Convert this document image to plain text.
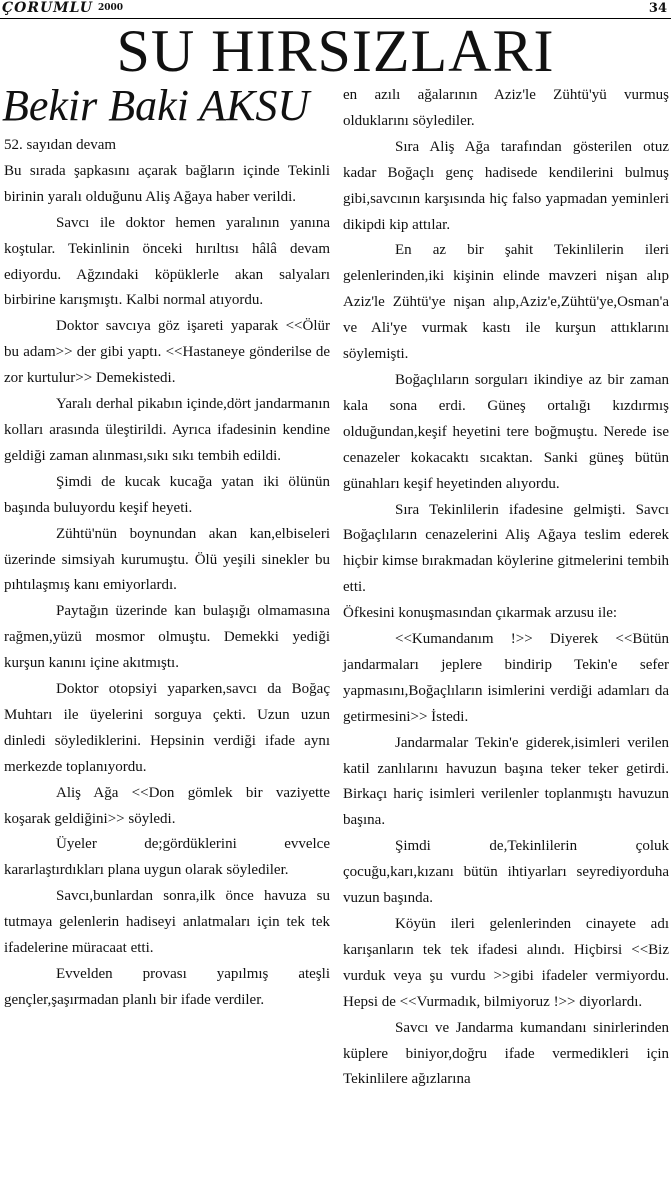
ÇORUMLU 2000	34
SU HIRSIZLARI
Bekir Baki AKSU

52. sayıdan devam

Bu sırada şapkasını açarak bağların içinde Tekinli birinin yaralı olduğunu Aliş Ağaya haber verildi.

Savcı ile doktor hemen yaralının yanına koştular. Tekinlinin önceki hırıltısı hâlâ devam ediyordu. Ağzındaki köpüklerle akan salyaları birbirine karışmıştı. Kalbi normal atıyordu.

Doktor savcıya göz işareti yaparak <<Ölür bu adam>> der gibi yaptı. <<Hastaneye gönderilse de zor kurtulur>> Demekistedi.

Yaralı derhal pikabın içinde,dört jandarmanın kolları arasında üleştirildi. Ayrıca ifadesinin kendine geldiği zaman alınması,sıkı sıkı tembih edildi.

Şimdi de kucak kucağa yatan iki ölünün başında buluyordu keşif heyeti.

Zühtü'nün boynundan akan kan,elbiseleri üzerinde simsiyah kurumuştu. Ölü yeşili sinekler bu pıhtılaşmış kanı emiyorlardı.

Paytağın üzerinde kan bulaşığı olmamasına rağmen,yüzü mosmor olmuştu. Demekki yediği kurşun kanını içine akıtmıştı.

Doktor otopsiyi yaparken,savcı da Boğaç Muhtarı ile üyelerini sorguya çekti. Uzun uzun dinledi söylediklerini. Hepsinin verdiği ifade aynı merkezde toplanıyordu.

Aliş Ağa <<Don gömlek bir vaziyette koşarak geldiğini>> söyledi.

Üyeler de;gördüklerini evvelce kararlaştırdıkları plana uygun olarak söylediler.

Savcı,bunlardan sonra,ilk önce havuza su tutmaya gelenlerin hadiseyi anlatmaları için tek tek ifadelerine müracaat etti.

Evvelden provası yapılmış ateşli gençler,şaşırmadan planlı bir ifade verdiler.

en azılı ağalarının Aziz'le Zühtü'yü vurmuş olduklarını söylediler.

Sıra Aliş Ağa tarafından gösterilen otuz kadar Boğaçlı genç hadisede kendilerini bulmuş gibi,savcının karşısında hiç falso yapmadan yeminleri dikipdi kip attılar.

En az bir şahit Tekinlilerin ileri gelenlerinden,iki kişinin elinde mavzeri nişan alıp Aziz'le Zühtü'ye nişan alıp,Aziz'e,Zühtü'ye,Osman'a ve Ali'ye vurmak kastı ile kurşun attıklarını söylemişti.

Boğaçlıların sorguları ikindiye az bir zaman kala sona erdi. Güneş ortalığı kızdırmış olduğundan,keşif heyetini tere boğmuştu. Nerede ise cenazeler kokacaktı sıcaktan. Sanki güneş bütün günahları keşif heyetinden alıyordu.

Sıra Tekinlilerin ifadesine gelmişti. Savcı Boğaçlıların cenazelerini Aliş Ağaya teslim ederek hiçbir kimse bırakmadan köylerine gitmelerini tembih etti.

Öfkesini konuşmasından çıkarmak arzusu ile:

<<Kumandanım !>> Diyerek <<Bütün jandarmaları jeplere bindirip Tekin'e sefer yapmasını,Boğaçlıların isimlerini verdiği adamları da getirmesini>> İstedi.

Jandarmalar Tekin'e giderek,isimleri verilen katil zanlılarını havuzun başına teker teker getirdi. Birkaçı hariç isimleri verilenler toplanmıştı havuzun başına.

Şimdi de,Tekinlilerin çoluk çocuğu,karı,kızanı bütün ihtiyarları seyrediyorduha vuzun başında.

Köyün ileri gelenlerinden cinayete adı karışanların tek tek ifadesi alındı. Hiçbirsi <<Biz vurduk veya şu vurdu >>gibi ifadeler vermiyordu. Hepsi de <<Vurmadık, bilmiyoruz !>> diyorlardı.

Savcı ve Jandarma kumandanı sinirlerinden küplere biniyor,doğru ifade vermedikleri için Tekinlilere ağızlarına
